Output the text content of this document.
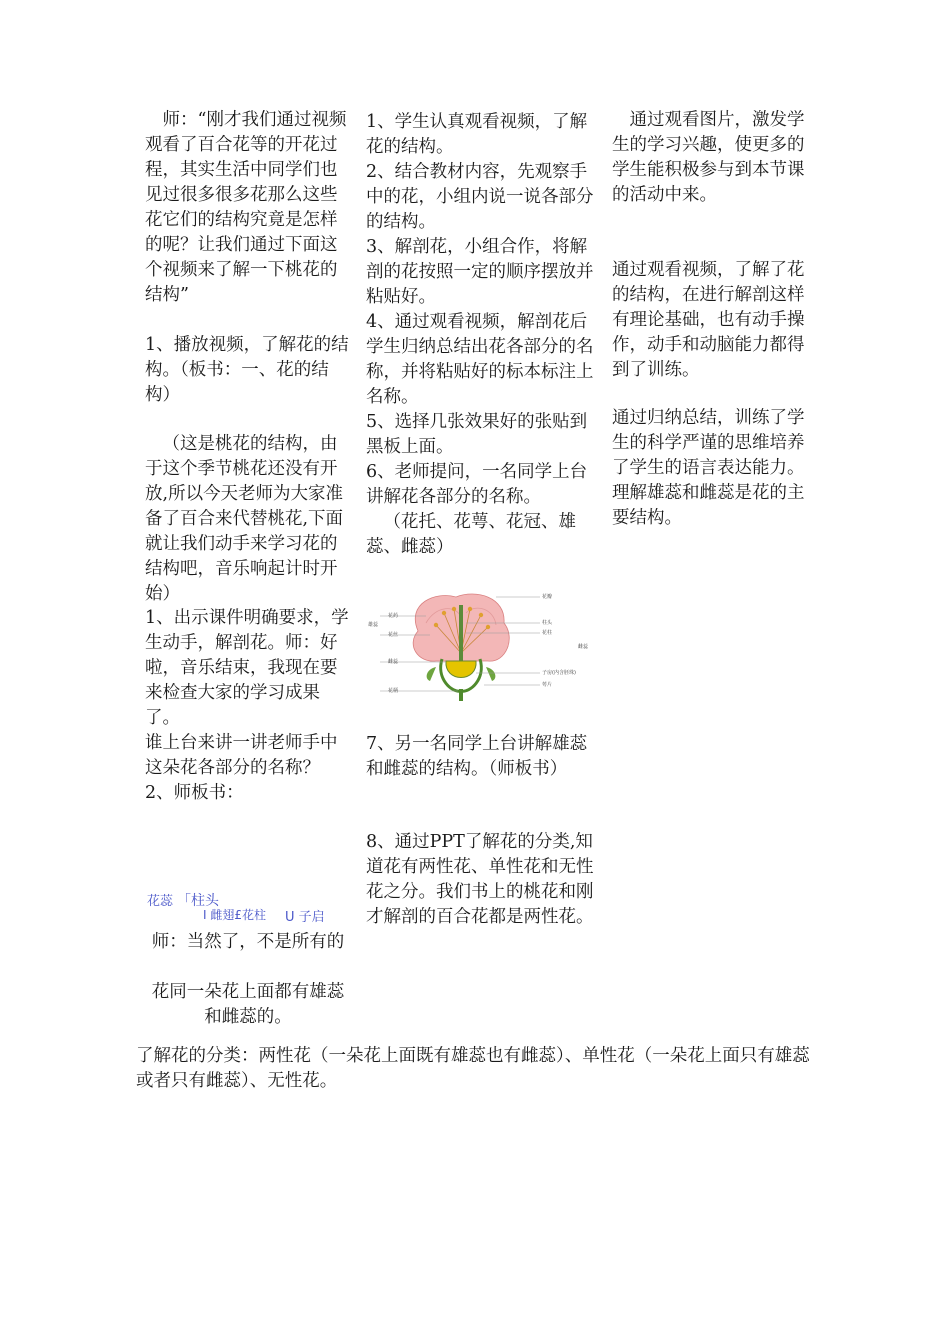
师：“刚才我们通过视频观看了百合花等的开花过程，其实生活中同学们也见过很多很多花那么这些花它们的结构究竟是怎样的呢？让我们通过下面这个视频来了解一下桃花的结构”

1、播放视频，了解花的结构。（板书：一、花的结构）

（这是桃花的结构，由于这个季节桃花还没有开放,所以今天老师为大家准备了百合来代替桃花,下面就让我们动手来学习花的结构吧，音乐响起计时开始）

1、出示课件明确要求，学生动手，解剖花。师：好啦，音乐结束，我现在要来检查大家的学习成果了。

谁上台来讲一讲老师手中这朵花各部分的名称？

2、师板书：

花蕊 「柱头
I 雌翅£花柱 U 子启

师：当然了，不是所有的

花同一朵花上面都有雄蕊和雌蕊的。

1、学生认真观看视频，了解花的结构。

2、结合教材内容，先观察手中的花，小组内说一说各部分的结构。

3、解剖花，小组合作，将解剖的花按照一定的顺序摆放并粘贴好。

4、通过观看视频，解剖花后学生归纳总结出花各部分的名称，并将粘贴好的标本标注上名称。

5、选择几张效果好的张贴到黑板上面。

6、老师提问，一名同学上台讲解花各部分的名称。

（花托、花萼、花冠、雄蕊、雌蕊）

7、另一名同学上台讲解雄蕊和雌蕊的结构。（师板书）

8、通过PPT了解花的分类,知道花有两性花、单性花和无性花之分。我们书上的桃花和刚才解剖的百合花都是两性花。

雄蕊
花药
花丝
雌蕊
花柄
花瓣
柱头
花柱
雌蕊
子房(内含胚珠)
萼片

通过观看图片，激发学生的学习兴趣，使更多的学生能积极参与到本节课的活动中来。

通过观看视频，了解了花的结构，在进行解剖这样有理论基础，也有动手操作，动手和动脑能力都得到了训练。

通过归纳总结，训练了学生的科学严谨的思维培养了学生的语言表达能力。理解雄蕊和雌蕊是花的主要结构。

了解花的分类：两性花（一朵花上面既有雄蕊也有雌蕊）、单性花（一朵花上面只有雄蕊或者只有雌蕊）、无性花。
